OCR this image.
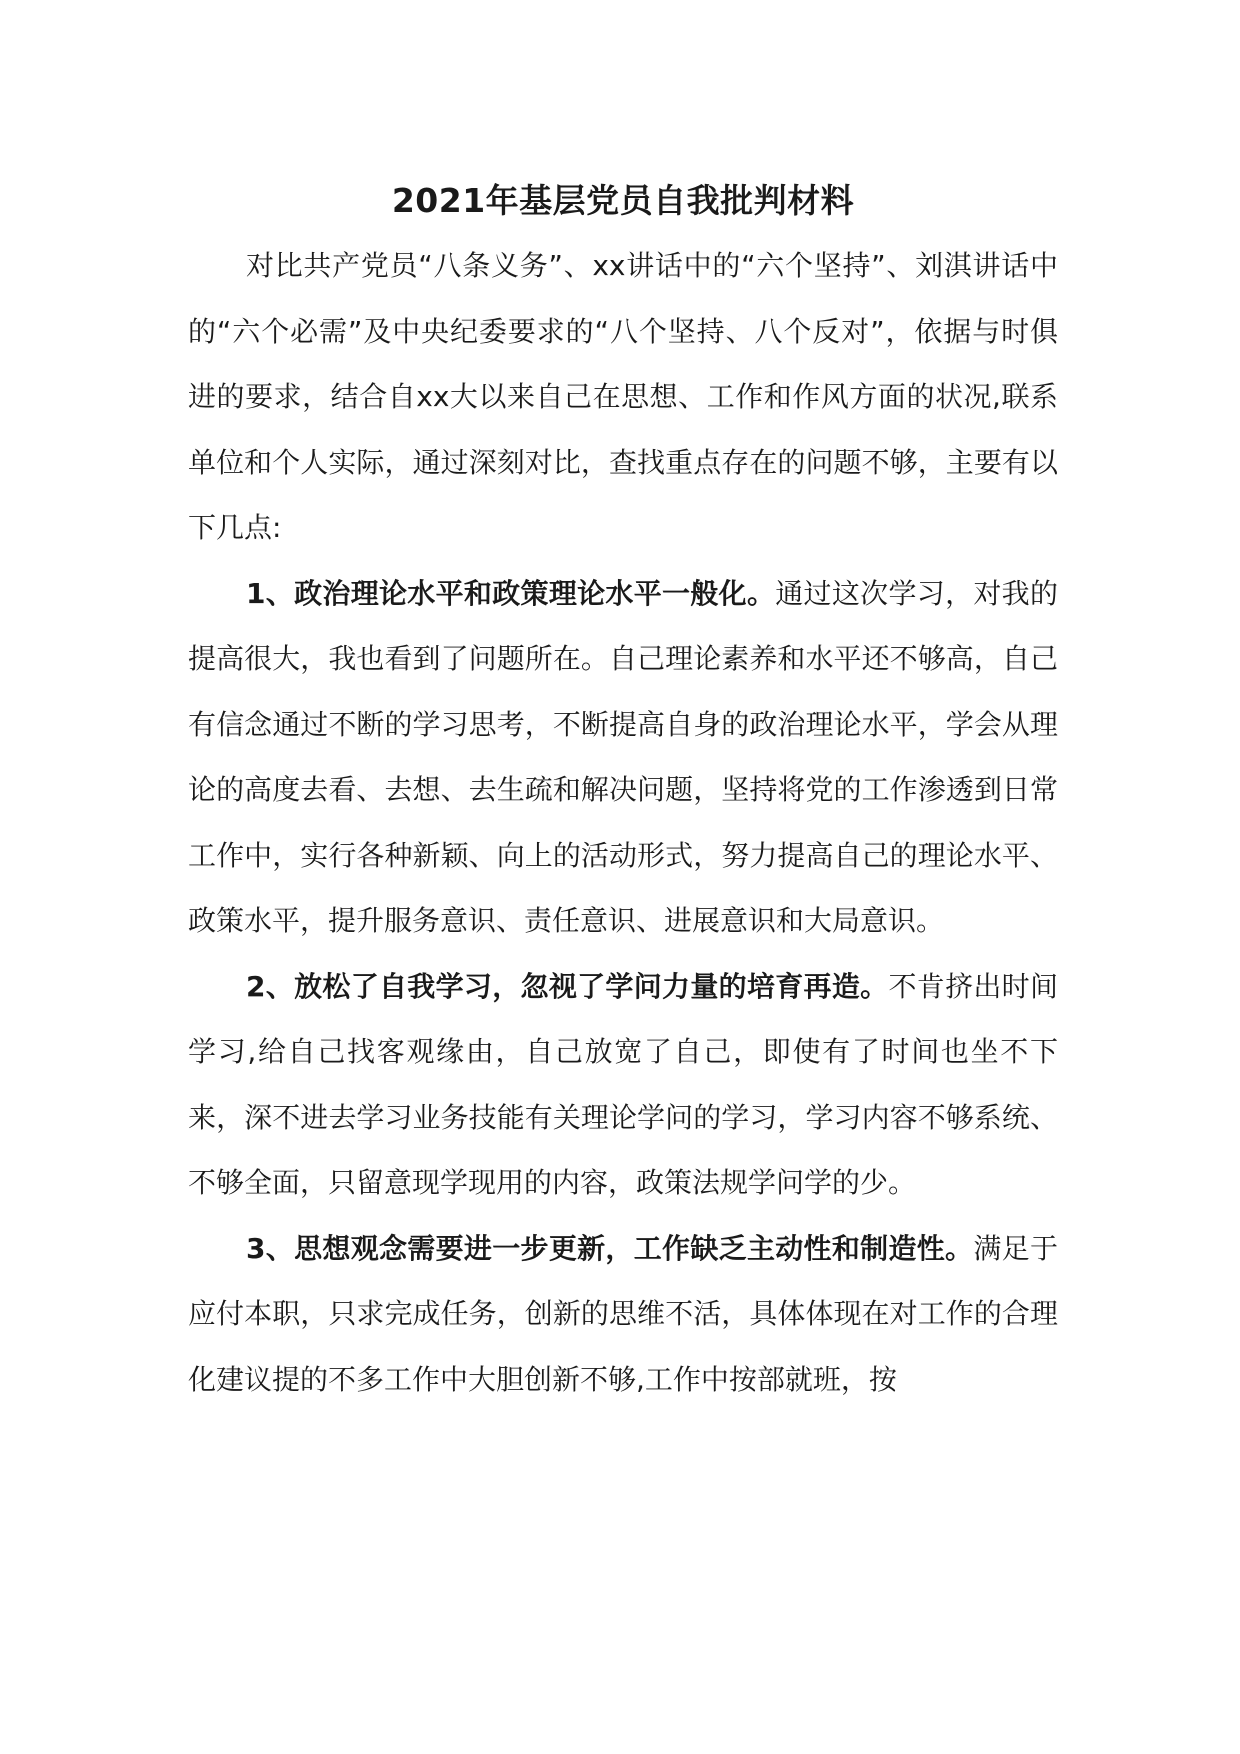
2021年基层党员自我批判材料

对比共产党员“八条义务”、xx讲话中的“六个坚持”、刘淇讲话中的“六个必需”及中央纪委要求的“八个坚持、八个反对”，依据与时俱进的要求，结合自xx大以来自己在思想、工作和作风方面的状况,联系单位和个人实际，通过深刻对比，查找重点存在的问题不够，主要有以下几点:

1、政治理论水平和政策理论水平一般化。通过这次学习，对我的提高很大，我也看到了问题所在。自己理论素养和水平还不够高，自己有信念通过不断的学习思考，不断提高自身的政治理论水平，学会从理论的高度去看、去想、去生疏和解决问题，坚持将党的工作渗透到日常工作中，实行各种新颖、向上的活动形式，努力提高自己的理论水平、政策水平，提升服务意识、责任意识、进展意识和大局意识。

2、放松了自我学习，忽视了学问力量的培育再造。不肯挤出时间学习,给自己找客观缘由，自己放宽了自己，即使有了时间也坐不下来，深不进去学习业务技能有关理论学问的学习，学习内容不够系统、不够全面，只留意现学现用的内容，政策法规学问学的少。

3、思想观念需要进一步更新，工作缺乏主动性和制造性。满足于应付本职，只求完成任务，创新的思维不活，具体体现在对工作的合理化建议提的不多工作中大胆创新不够,工作中按部就班，按
